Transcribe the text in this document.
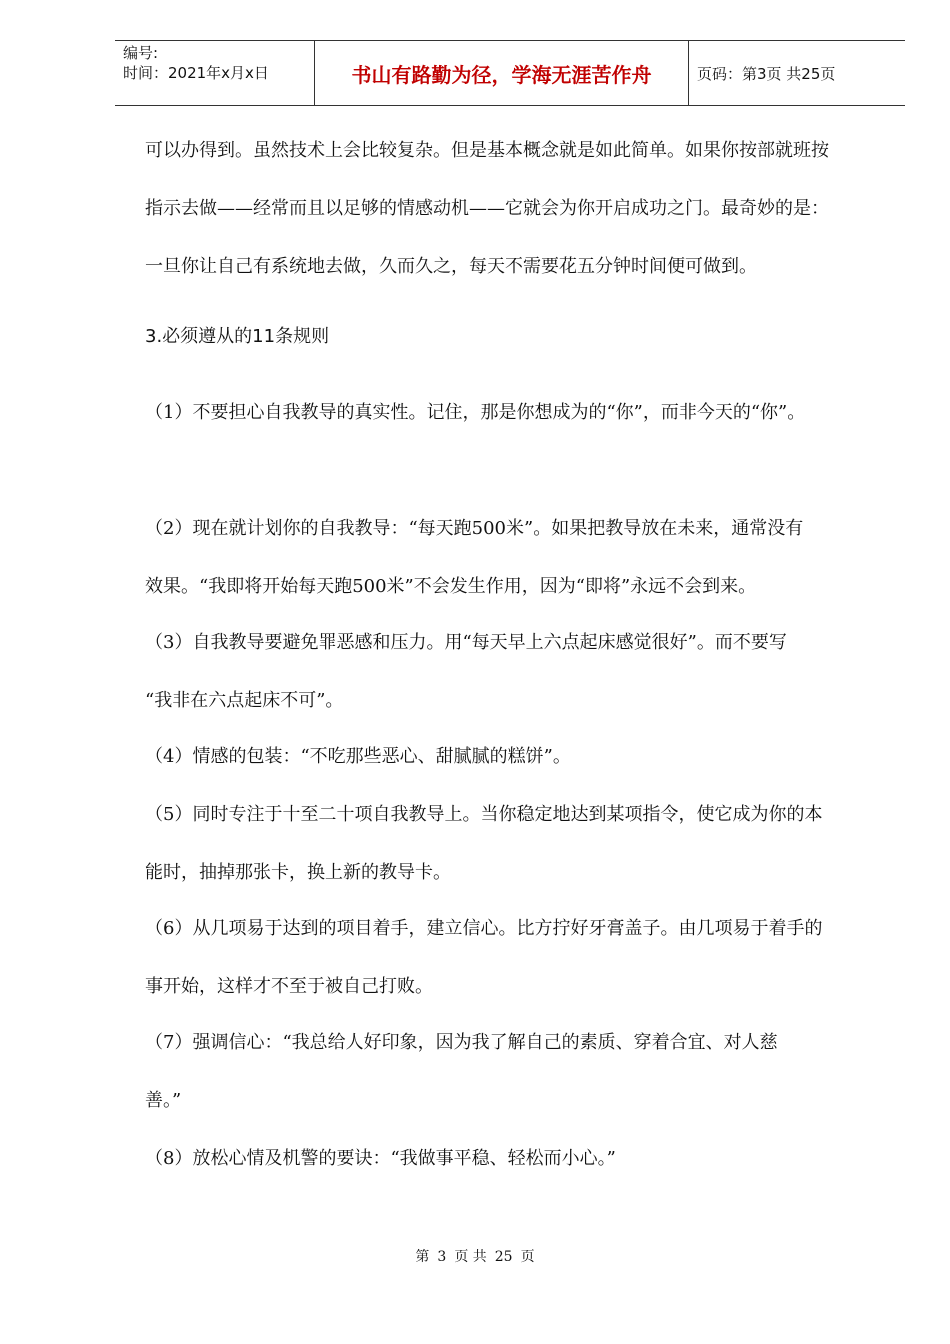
编号:
时间：2021年x月x日	书山有路勤为径，学海无涯苦作舟	页码：第3页 共25页
可以办得到。虽然技术上会比较复杂。但是基本概念就是如此简单。如果你按部就班按
指示去做——经常而且以足够的情感动机——它就会为你开启成功之门。最奇妙的是：
一旦你让自己有系统地去做，久而久之，每天不需要花五分钟时间便可做到。
3.必须遵从的11条规则
（1）不要担心自我教导的真实性。记住，那是你想成为的“你”，而非今天的“你”。
（2）现在就计划你的自我教导：“每天跑500米”。如果把教导放在未来，通常没有
效果。“我即将开始每天跑500米”不会发生作用，因为“即将”永远不会到来。
（3）自我教导要避免罪恶感和压力。用“每天早上六点起床感觉很好”。而不要写
“我非在六点起床不可”。
（4）情感的包装：“不吃那些恶心、甜腻腻的糕饼”。
（5）同时专注于十至二十项自我教导上。当你稳定地达到某项指令，使它成为你的本
能时，抽掉那张卡，换上新的教导卡。
（6）从几项易于达到的项目着手，建立信心。比方拧好牙膏盖子。由几项易于着手的
事开始，这样才不至于被自己打败。
（7）强调信心：“我总给人好印象，因为我了解自己的素质、穿着合宜、对人慈
善。”
（8）放松心情及机警的要诀：“我做事平稳、轻松而小心。”
第 3 页 共 25 页
